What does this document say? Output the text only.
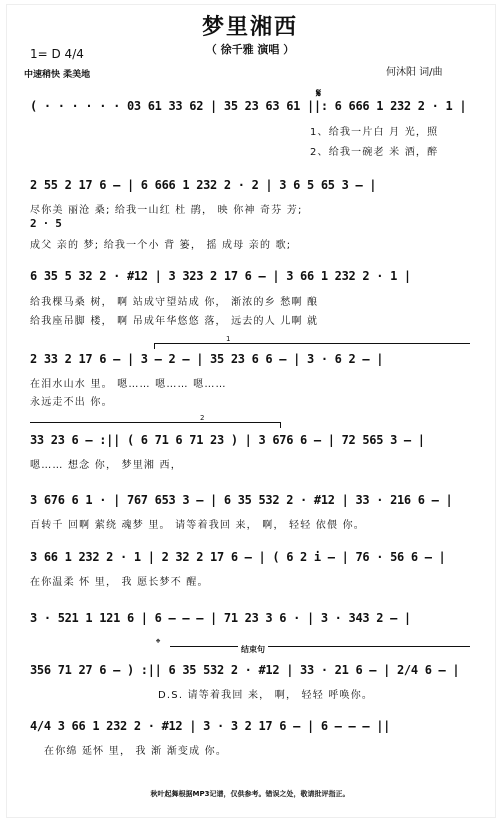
梦里湘西
（ 徐千雅 演唱 ）
1= D 4/4
中速稍快 柔美地	何沐阳 词/曲
𝄋
( · · · · · · 03 61 33 62 | 35 23 63 61 ||: 6 666 1 232 2 · 1 |
1、给我一片白 月 光，照
2、给我一碗老 米 酒，醉
2 55 2 17 6 – | 6 666 1 232 2 · 2 | 3 6 5 65 3 – |
尽你美 丽沧 桑; 给我一山红 杜 鹃， 映 你神 奇芬 芳;
2 · 5
成父 亲的 梦; 给我一个小 背 篓， 摇 成母 亲的 歌;
6 35 5 32 2 · #12 | 3 323 2 17 6 – | 3 66 1 232 2 · 1 |
给我棵马桑 树， 啊 站成守望站成 你， 渐浓的乡 愁啊 酿
给我座吊脚 楼， 啊 吊成年华悠悠 落， 远去的人 儿啊 就
1
2 33 2 17 6 – | 3 – 2 – | 35 23 6 6 – | 3 · 6 2 – |
在泪水山水 里。 嗯…… 嗯…… 嗯……
永远走不出 你。
2
33 23 6 – :|| ( 6 71 6 71 23 ) | 3 676 6 – | 72 565 3 – |
嗯…… 想念 你， 梦里湘 西，
3 676 6 1 · | 767 653 3 – | 6 35 532 2 · #12 | 33 · 216 6 – |
百转千 回啊 萦绕 魂梦 里。 请等着我回 来， 啊， 轻轻 依偎 你。
3 66 1 232 2 · 1 | 2 32 2 17 6 – | ( 6 2 i – | 76 · 56 6 – |
在你温柔 怀 里， 我 愿长梦不 醒。
3 · 521 1 121 6 | 6 – – – | 71 23 3 6 · | 3 · 343 2 – |
𝄌	结束句
356 71 27 6 – ) :|| 6 35 532 2 · #12 | 33 · 21 6 – | 2/4 6 – |
D.S. 请等着我回 来， 啊， 轻轻 呼唤你。
4/4 3 66 1 232 2 · #12 | 3 · 3 2 17 6 – | 6 – – – ||
在你绵 延怀 里， 我 渐 渐变成 你。
秋叶起舞根据MP3记谱，仅供参考。错误之处，敬请批评指正。
